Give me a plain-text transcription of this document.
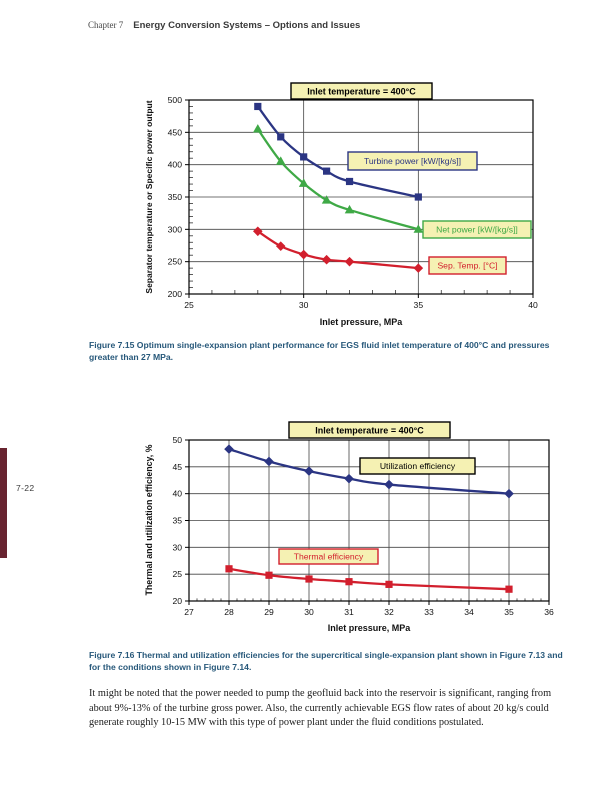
Chapter 7 Energy Conversion Systems – Options and Issues
7-22
25	30	35	40
200
250
300
350
400
450
500
Inlet temperature = 400°C
Turbine power [kW/[kg/s]]
Net power [kW/[kg/s]]
Sep. Temp. [°C]
Inlet pressure, MPa
Separator temperature or Specific power output
Figure 7.15 Optimum single-expansion plant performance for EGS fluid inlet temperature of 400°C and pressures greater than 27 MPa.
27	28	29	30	31	32	33	34	35	36
20
25
30
35
40
45
50
Inlet temperature = 400°C
Utilization efficiency
Thermal efficiency
Inlet pressure, MPa
Thermal and utilization efficiency, %
Figure 7.16 Thermal and utilization efficiencies for the supercritical single-expansion plant shown in Figure 7.13 and for the conditions shown in Figure 7.14.
It might be noted that the power needed to pump the geofluid back into the reservoir is significant, ranging from about 9%-13% of the turbine gross power. Also, the currently achievable EGS flow rates of about 20 kg/s could generate roughly 10-15 MW with this type of power plant under the fluid conditions postulated.
